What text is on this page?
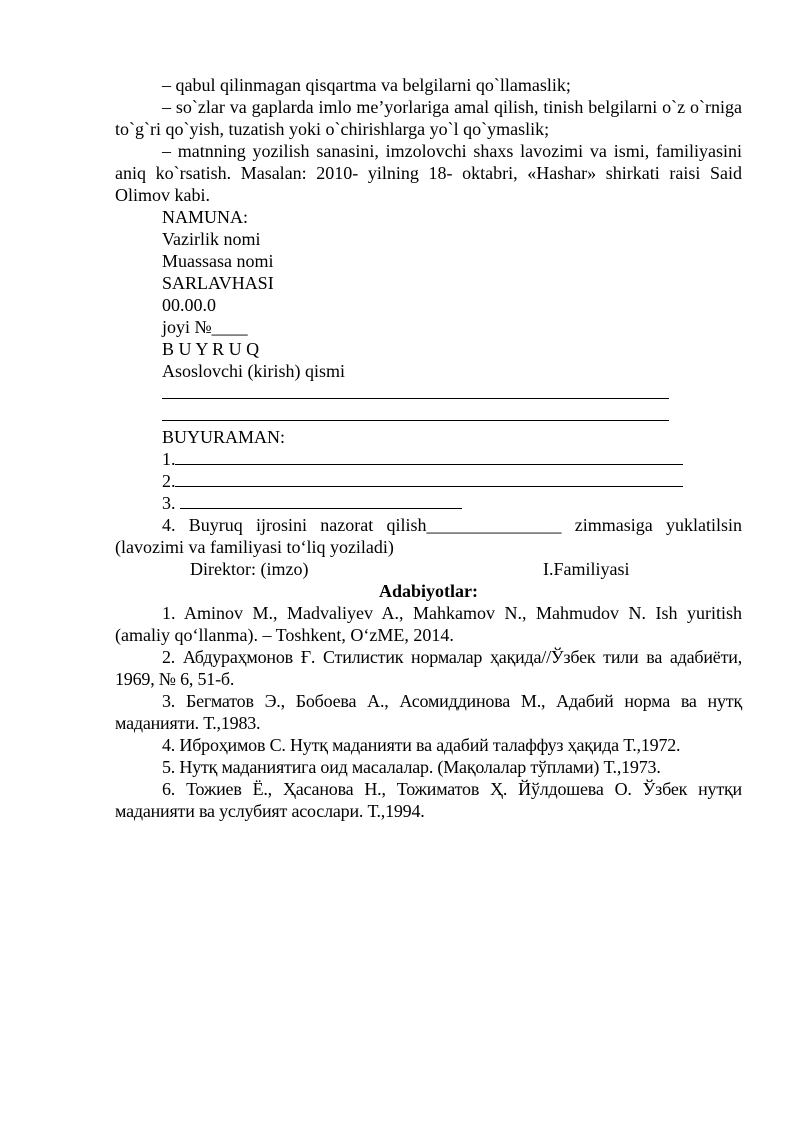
– qabul qilinmagan qisqartma va belgilarni qo`llamaslik;

– so`zlar va gaplarda imlo me’yorlariga amal qilish, tinish belgilarni o`z o`rniga to`g`ri qo`yish, tuzatish yoki o`chirishlarga yo`l qo`ymaslik;

– matnning yozilish sanasini, imzolovchi shaxs lavozimi va ismi, familiyasini aniq ko`rsatish. Masalan: 2010- yilning 18- oktabri, «Hashar» shirkati raisi Said Olimov kabi.

NAMUNA:
Vazirlik nomi
Muassasa nomi
SARLAVHASI
00.00.0
joyi №____
B U Y R U Q
Asoslovchi (kirish) qismi
BUYURAMAN:
1.
2.
3.

4. Buyruq ijrosini nazorat qilish_______________ zimmasiga yuklatilsin (lavozimi va familiyasi to‘liq yoziladi)

Direktor: (imzo)	I.Familiyasi
Adabiyotlar:

1. Aminov M., Madvaliyev A., Mahkamov N., Mahmudov N. Ish yuritish (amaliy qo‘llanma). – Toshkent, O‘zME, 2014.

2. Абдураҳмонов Ғ. Стилистик нормалар ҳақида//Ўзбек тили ва адабиёти, 1969, № 6, 51-б.

3. Бегматов Э., Бобоева А., Асомиддинова М., Адабий норма ва нутқ маданияти. Т.,1983.

4. Иброҳимов С. Нутқ маданияти ва адабий талаффуз ҳақида Т.,1972.

5. Нутқ маданиятига оид масалалар. (Мақолалар тўплами) Т.,1973.

6. Тожиев Ё., Ҳасанова Н., Тожиматов Ҳ. Йўлдошева О. Ўзбек нутқи маданияти ва услубият асослари. Т.,1994.
